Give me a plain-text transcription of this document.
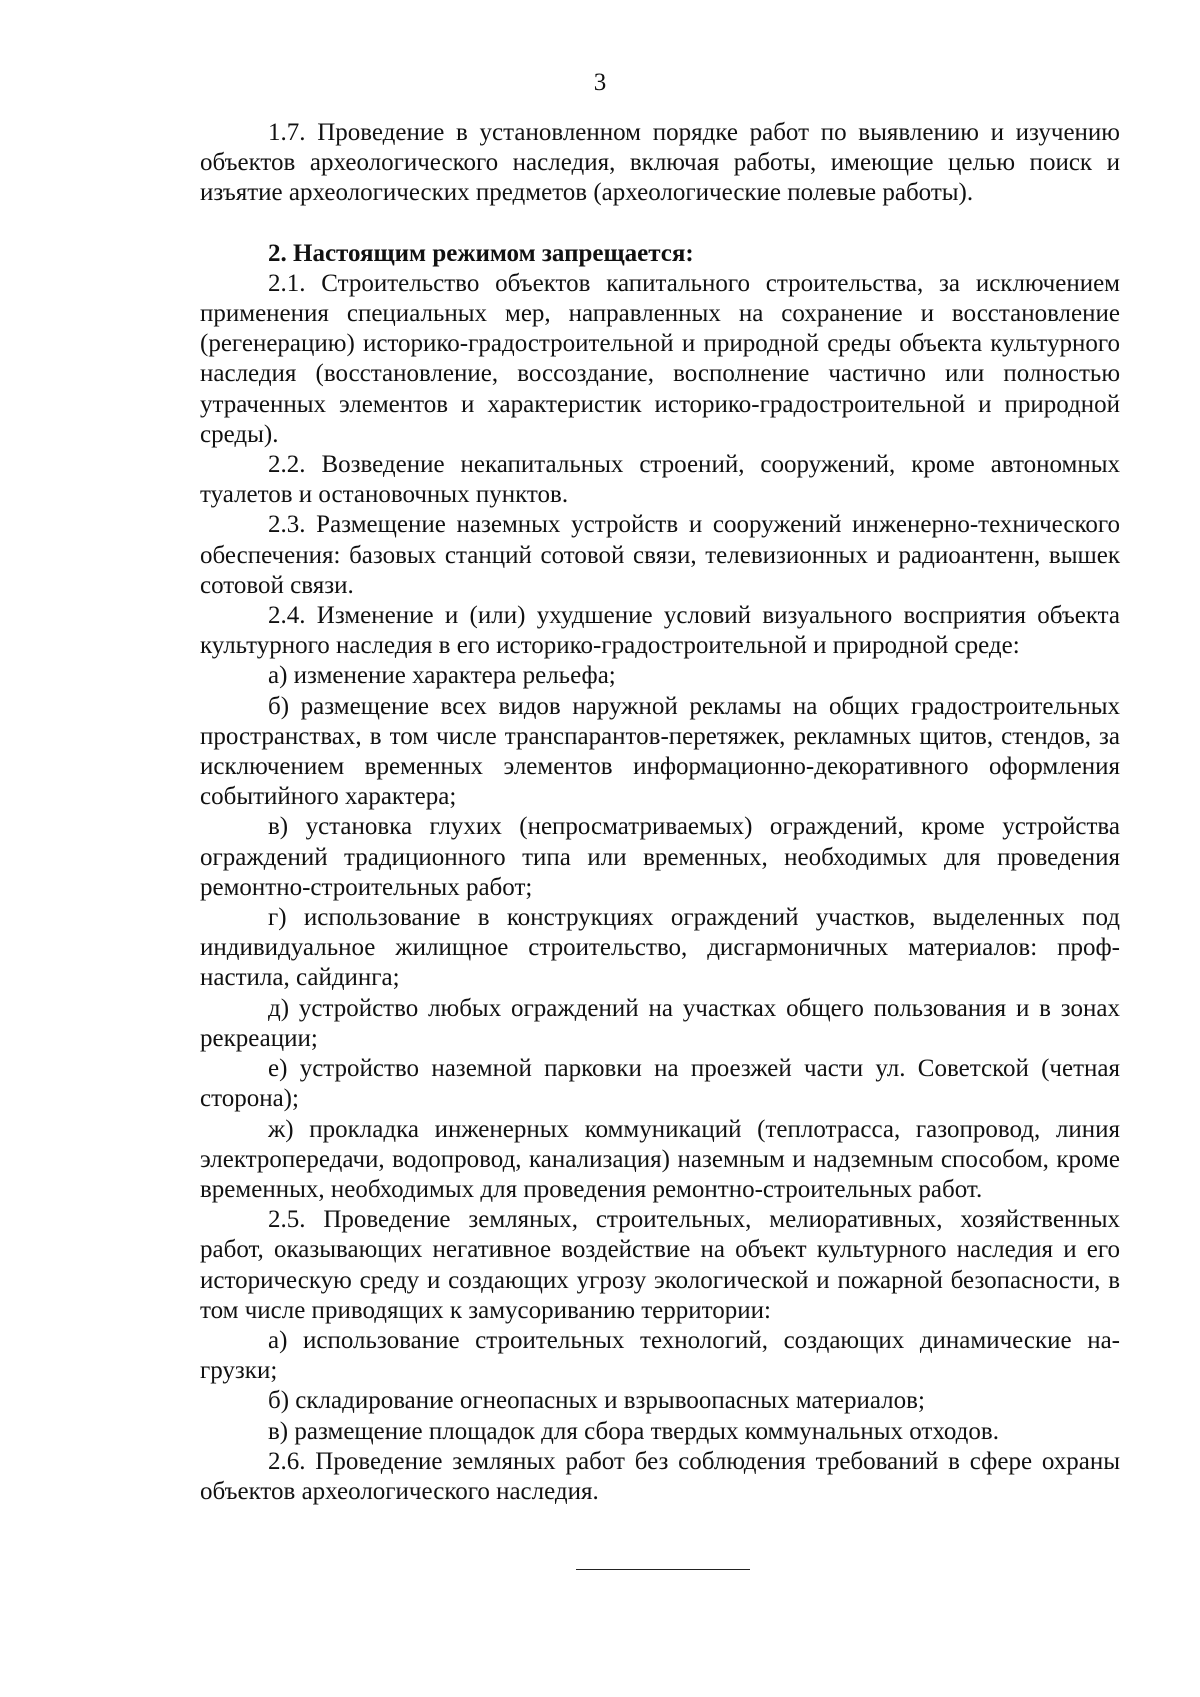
3

1.7. Проведение в установленном порядке работ по выявлению и изучению объектов археологического наследия, включая работы, имеющие целью поиск и изъятие археологических предметов (археологические полевые работы).

2. Настоящим режимом запрещается:

2.1. Строительство объектов капитального строительства, за исключением применения специальных мер, направленных на сохранение и восстановление (регенерацию) историко-градостроительной и природной среды объекта культурного наследия (восстановление, воссоздание, восполнение частично или полностью утраченных элементов и характеристик историко-градостроительной и природной среды).

2.2. Возведение некапитальных строений, сооружений, кроме автономных туалетов и остановочных пунктов.

2.3. Размещение наземных устройств и сооружений инженерно-технического обеспечения: базовых станций сотовой связи, телевизионных и радиоантенн, вышек сотовой связи.

2.4. Изменение и (или) ухудшение условий визуального восприятия объекта культурного наследия в его историко-градостроительной и природной среде:

а) изменение характера рельефа;

б) размещение всех видов наружной рекламы на общих градостроительных пространствах, в том числе транспарантов-перетяжек, рекламных щитов, стендов, за исключением временных элементов информационно-декоративного оформления событийного характера;

в) установка глухих (непросматриваемых) ограждений, кроме устройства ограждений традиционного типа или временных, необходимых для проведения ремонтно-строительных работ;

г) использование в конструкциях ограждений участков, выделенных под индивидуальное жилищное строительство, дисгармоничных материалов: профнастила, сайдинга;

д) устройство любых ограждений на участках общего пользования и в зонах рекреации;

е) устройство наземной парковки на проезжей части ул. Советской (четная сторона);

ж) прокладка инженерных коммуникаций (теплотрасса, газопровод, линия электропередачи, водопровод, канализация) наземным и надземным способом, кроме временных, необходимых для проведения ремонтно-строительных работ.

2.5. Проведение земляных, строительных, мелиоративных, хозяйственных работ, оказывающих негативное воздействие на объект культурного наследия и его историческую среду и создающих угрозу экологической и пожарной безопасности, в том числе приводящих к замусориванию территории:

а) использование строительных технологий, создающих динамические нагрузки;

б) складирование огнеопасных и взрывоопасных материалов;

в) размещение площадок для сбора твердых коммунальных отходов.

2.6. Проведение земляных работ без соблюдения требований в сфере охраны объектов археологического наследия.
